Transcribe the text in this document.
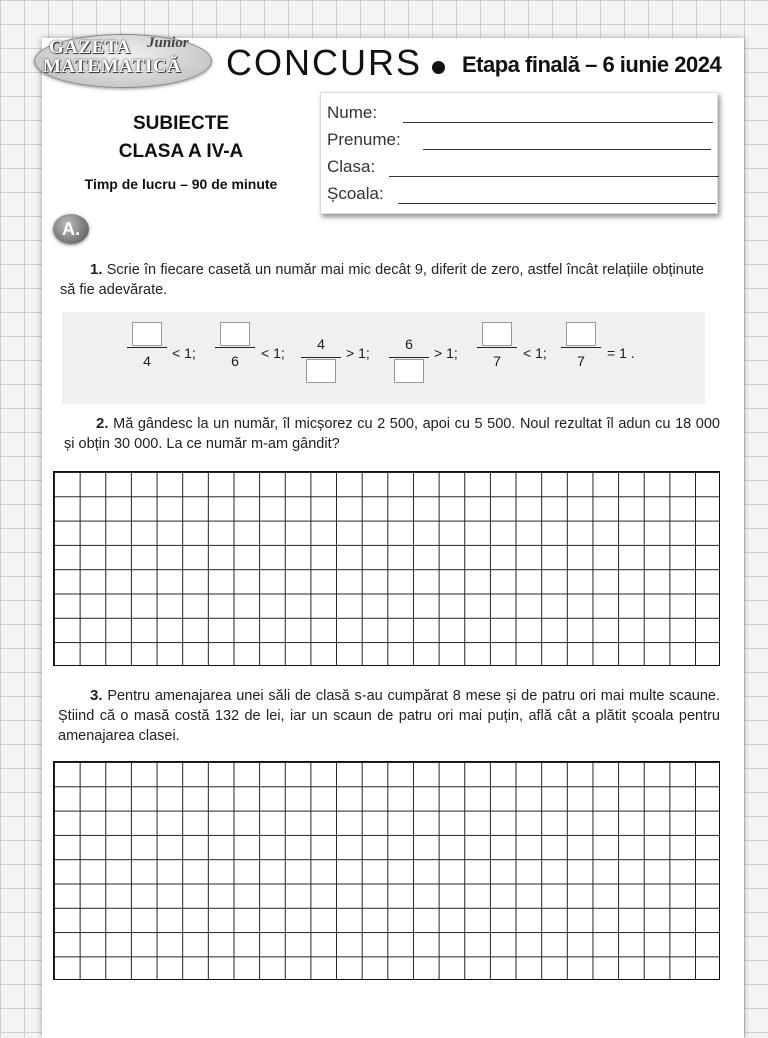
GAZETA Junior
MATEMATICĂ CONCURS Etapa finală – 6 iunie 2024
SUBIECTE
CLASA A IV-A
Timp de lucru – 90 de minute
Nume:
Prenume:
Clasa:
Școala:
A.
1. Scrie în fiecare casetă un număr mai mic decât 9, diferit de zero, astfel încât relațiile obținute să fie adevărate.
4	< 1;	6	< 1;
4
> 1;
6
> 1;	7	< 1;	7	= 1 .
2. Mă gândesc la un număr, îl micșorez cu 2 500, apoi cu 5 500. Noul rezultat îl adun cu 18 000 și obțin 30 000. La ce număr m-am gândit?
3. Pentru amenajarea unei săli de clasă s-au cumpărat 8 mese și de patru ori mai multe scaune. Știind că o masă costă 132 de lei, iar un scaun de patru ori mai puțin, află cât a plătit școala pentru amenajarea clasei.
